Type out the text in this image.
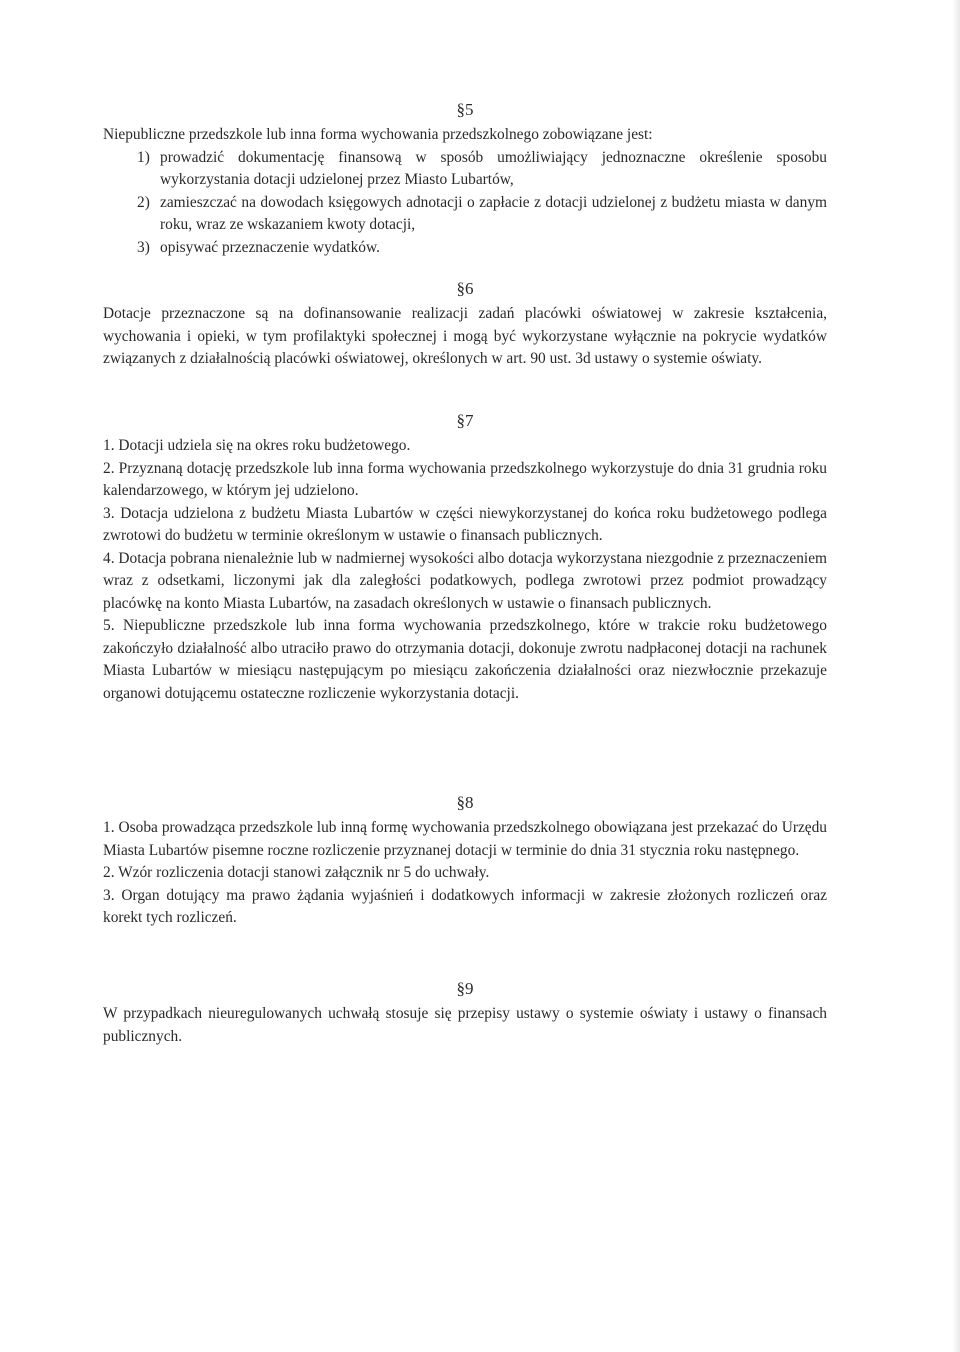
§5

Niepubliczne przedszkole lub inna forma wychowania przedszkolnego zobowiązane jest:

1) prowadzić dokumentację finansową w sposób umożliwiający jednoznaczne określenie sposobu wykorzystania dotacji udzielonej przez Miasto Lubartów,

2) zamieszczać na dowodach księgowych adnotacji o zapłacie z dotacji udzielonej z budżetu miasta w danym roku, wraz ze wskazaniem kwoty dotacji,

3) opisywać przeznaczenie wydatków.

§6

Dotacje przeznaczone są na dofinansowanie realizacji zadań placówki oświatowej w zakresie kształcenia, wychowania i opieki, w tym profilaktyki społecznej i mogą być wykorzystane wyłącznie na pokrycie wydatków związanych z działalnością placówki oświatowej, określonych w art. 90 ust. 3d ustawy o systemie oświaty.

§7

1. Dotacji udziela się na okres roku budżetowego.

2. Przyznaną dotację przedszkole lub inna forma wychowania przedszkolnego wykorzystuje do dnia 31 grudnia roku kalendarzowego, w którym jej udzielono.

3. Dotacja udzielona z budżetu Miasta Lubartów w części niewykorzystanej do końca roku budżetowego podlega zwrotowi do budżetu w terminie określonym w ustawie o finansach publicznych.

4. Dotacja pobrana nienależnie lub w nadmiernej wysokości albo dotacja wykorzystana niezgodnie z przeznaczeniem wraz z odsetkami, liczonymi jak dla zaległości podatkowych, podlega zwrotowi przez podmiot prowadzący placówkę na konto Miasta Lubartów, na zasadach określonych w ustawie o finansach publicznych.

5. Niepubliczne przedszkole lub inna forma wychowania przedszkolnego, które w trakcie roku budżetowego zakończyło działalność albo utraciło prawo do otrzymania dotacji, dokonuje zwrotu nadpłaconej dotacji na rachunek Miasta Lubartów w miesiącu następującym po miesiącu zakończenia działalności oraz niezwłocznie przekazuje organowi dotującemu ostateczne rozliczenie wykorzystania dotacji.

§8

1. Osoba prowadząca przedszkole lub inną formę wychowania przedszkolnego obowiązana jest przekazać do Urzędu Miasta Lubartów pisemne roczne rozliczenie przyznanej dotacji w terminie do dnia 31 stycznia roku następnego.

2. Wzór rozliczenia dotacji stanowi załącznik nr 5 do uchwały.

3. Organ dotujący ma prawo żądania wyjaśnień i dodatkowych informacji w zakresie złożonych rozliczeń oraz korekt tych rozliczeń.

§9

W przypadkach nieuregulowanych uchwałą stosuje się przepisy ustawy o systemie oświaty i ustawy o finansach publicznych.
